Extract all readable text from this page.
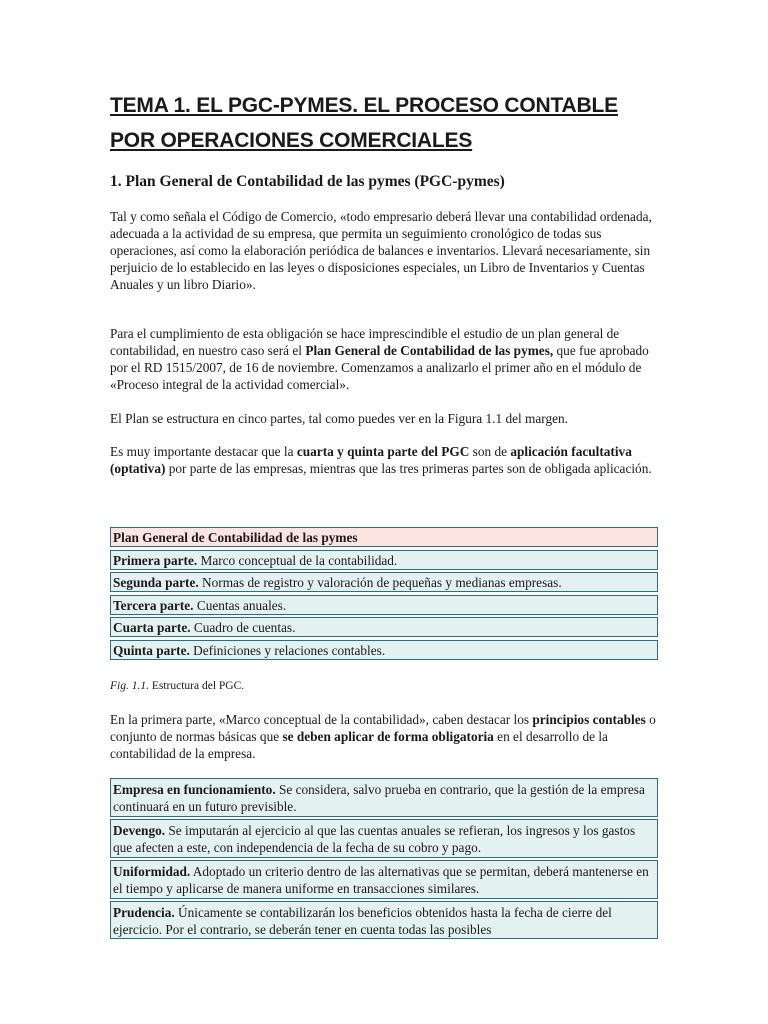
TEMA 1. EL PGC-PYMES. EL PROCESO CONTABLE POR OPERACIONES COMERCIALES
1. Plan General de Contabilidad de las pymes (PGC-pymes)

Tal y como señala el Código de Comercio, «todo empresario deberá llevar una contabilidad ordenada, adecuada a la actividad de su empresa, que permita un seguimiento cronológico de todas sus operaciones, así como la elaboración periódica de balances e inventarios. Llevará necesariamente, sin perjuicio de lo establecido en las leyes o disposiciones especiales, un Libro de Inventarios y Cuentas Anuales y un libro Diario».

Para el cumplimiento de esta obligación se hace imprescindible el estudio de un plan general de contabilidad, en nuestro caso será el Plan General de Contabilidad de las pymes, que fue aprobado por el RD 1515/2007, de 16 de noviembre. Comenzamos a analizarlo el primer año en el módulo de «Proceso integral de la actividad comercial».

El Plan se estructura en cinco partes, tal como puedes ver en la Figura 1.1 del margen.

Es muy importante destacar que la cuarta y quinta parte del PGC son de aplicación facultativa (optativa) por parte de las empresas, mientras que las tres primeras partes son de obligada aplicación.

Plan General de Contabilidad de las pymes
Primera parte. Marco conceptual de la contabilidad.
Segunda parte. Normas de registro y valoración de pequeñas y medianas empresas.
Tercera parte. Cuentas anuales.
Cuarta parte. Cuadro de cuentas.
Quinta parte. Definiciones y relaciones contables.
Fig. 1.1. Estructura del PGC.

En la primera parte, «Marco conceptual de la contabilidad», caben destacar los principios contables o conjunto de normas básicas que se deben aplicar de forma obligatoria en el desarrollo de la contabilidad de la empresa.

Empresa en funcionamiento. Se considera, salvo prueba en contrario, que la gestión de la empresa continuará en un futuro previsible.
Devengo. Se imputarán al ejercicio al que las cuentas anuales se refieran, los ingresos y los gastos que afecten a este, con independencia de la fecha de su cobro y pago.
Uniformidad. Adoptado un criterio dentro de las alternativas que se permitan, deberá mantenerse en el tiempo y aplicarse de manera uniforme en transacciones similares.
Prudencia. Únicamente se contabilizarán los beneficios obtenidos hasta la fecha de cierre del ejercicio. Por el contrario, se deberán tener en cuenta todas las posibles
